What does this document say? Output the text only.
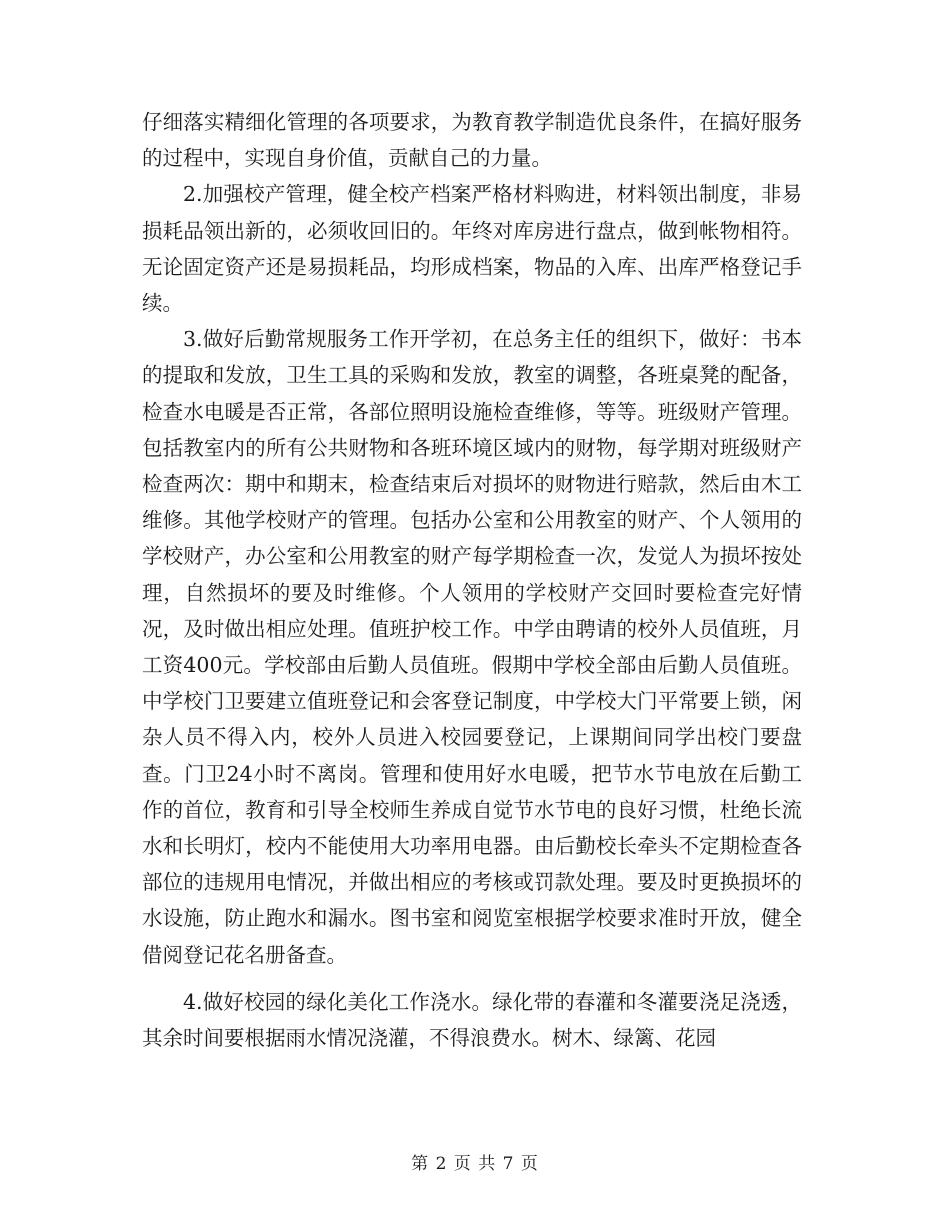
仔细落实精细化管理的各项要求，为教育教学制造优良条件，在搞好服务的过程中，实现自身价值，贡献自己的力量。

2.加强校产管理，健全校产档案严格材料购进，材料领出制度，非易损耗品领出新的，必须收回旧的。年终对库房进行盘点，做到帐物相符。无论固定资产还是易损耗品，均形成档案，物品的入库、出库严格登记手续。

3.做好后勤常规服务工作开学初，在总务主任的组织下，做好：书本的提取和发放，卫生工具的采购和发放，教室的调整，各班桌凳的配备，检查水电暖是否正常，各部位照明设施检查维修，等等。班级财产管理。包括教室内的所有公共财物和各班环境区域内的财物，每学期对班级财产检查两次：期中和期末，检查结束后对损坏的财物进行赔款，然后由木工维修。其他学校财产的管理。包括办公室和公用教室的财产、个人领用的学校财产，办公室和公用教室的财产每学期检查一次，发觉人为损坏按处理，自然损坏的要及时维修。个人领用的学校财产交回时要检查完好情况，及时做出相应处理。值班护校工作。中学由聘请的校外人员值班，月工资400元。学校部由后勤人员值班。假期中学校全部由后勤人员值班。中学校门卫要建立值班登记和会客登记制度，中学校大门平常要上锁，闲杂人员不得入内，校外人员进入校园要登记，上课期间同学出校门要盘查。门卫24小时不离岗。管理和使用好水电暖，把节水节电放在后勤工作的首位，教育和引导全校师生养成自觉节水节电的良好习惯，杜绝长流水和长明灯，校内不能使用大功率用电器。由后勤校长牵头不定期检查各部位的违规用电情况，并做出相应的考核或罚款处理。要及时更换损坏的水设施，防止跑水和漏水。图书室和阅览室根据学校要求准时开放，健全借阅登记花名册备查。

4.做好校园的绿化美化工作浇水。绿化带的春灌和冬灌要浇足浇透，其余时间要根据雨水情况浇灌，不得浪费水。树木、绿篱、花园

第 2 页 共 7 页
